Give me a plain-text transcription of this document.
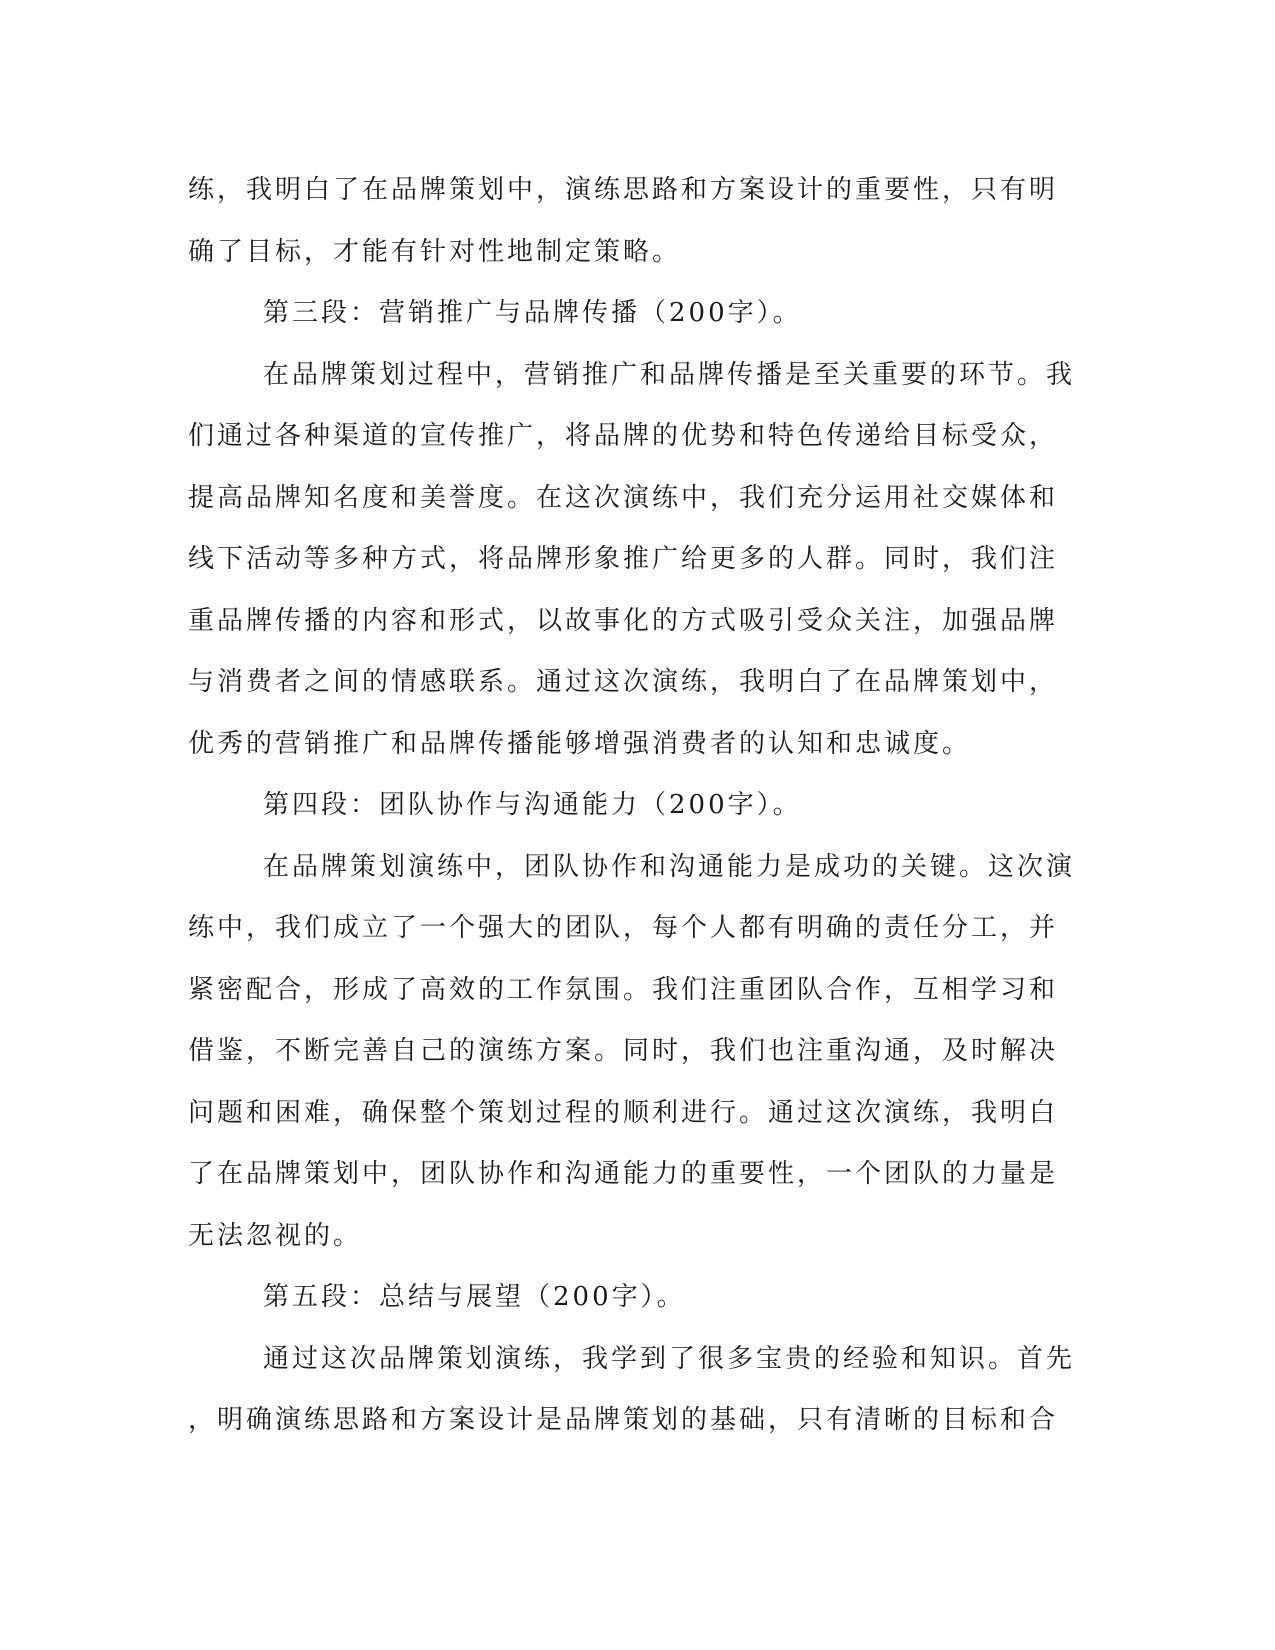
练，我明白了在品牌策划中，演练思路和方案设计的重要性，只有明
确了目标，才能有针对性地制定策略。
第三段：营销推广与品牌传播（200字）。
在品牌策划过程中，营销推广和品牌传播是至关重要的环节。我
们通过各种渠道的宣传推广，将品牌的优势和特色传递给目标受众，
提高品牌知名度和美誉度。在这次演练中，我们充分运用社交媒体和
线下活动等多种方式，将品牌形象推广给更多的人群。同时，我们注
重品牌传播的内容和形式，以故事化的方式吸引受众关注，加强品牌
与消费者之间的情感联系。通过这次演练，我明白了在品牌策划中，
优秀的营销推广和品牌传播能够增强消费者的认知和忠诚度。
第四段：团队协作与沟通能力（200字）。
在品牌策划演练中，团队协作和沟通能力是成功的关键。这次演
练中，我们成立了一个强大的团队，每个人都有明确的责任分工，并
紧密配合，形成了高效的工作氛围。我们注重团队合作，互相学习和
借鉴，不断完善自己的演练方案。同时，我们也注重沟通，及时解决
问题和困难，确保整个策划过程的顺利进行。通过这次演练，我明白
了在品牌策划中，团队协作和沟通能力的重要性，一个团队的力量是
无法忽视的。
第五段：总结与展望（200字）。
通过这次品牌策划演练，我学到了很多宝贵的经验和知识。首先
，明确演练思路和方案设计是品牌策划的基础，只有清晰的目标和合
